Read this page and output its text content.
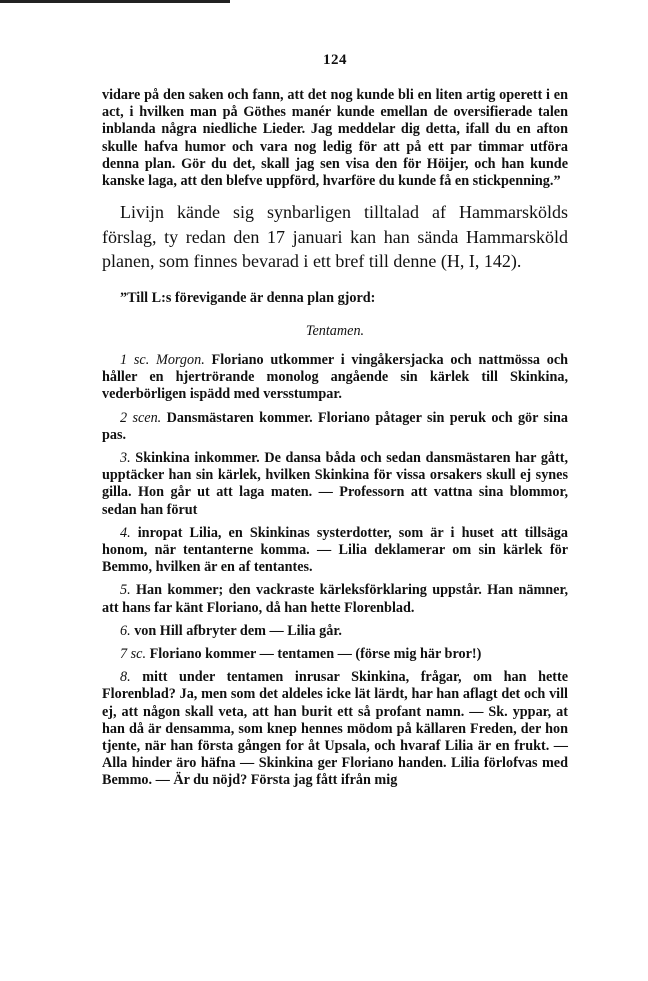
124

vidare på den saken och fann, att det nog kunde bli en liten artig operett i en act, i hvilken man på Göthes manér kunde emellan de oversifierade talen inblanda några niedliche Lieder. Jag meddelar dig detta, ifall du en afton skulle hafva humor och vara nog ledig för att på ett par timmar utföra denna plan. Gör du det, skall jag sen visa den för Höijer, och han kunde kanske laga, att den blefve uppförd, hvarföre du kunde få en stickpenning.”

Livijn kände sig synbarligen tilltalad af Hammarskölds förslag, ty redan den 17 januari kan han sända Hammarsköld planen, som finnes bevarad i ett bref till denne (H, I, 142).

”Till L:s förevigande är denna plan gjord:

Tentamen.

1 sc. Morgon. Floriano utkommer i vingåkersjacka och nattmössa och håller en hjertrörande monolog angående sin kärlek till Skinkina, vederbörligen ispädd med versstumpar.

2 scen. Dansmästaren kommer. Floriano påtager sin peruk och gör sina pas.

3. Skinkina inkommer. De dansa båda och sedan dansmästaren har gått, upptäcker han sin kärlek, hvilken Skinkina för vissa orsakers skull ej synes gilla. Hon går ut att laga maten. — Professorn att vattna sina blommor, sedan han förut

4. inropat Lilia, en Skinkinas systerdotter, som är i huset att tillsäga honom, när tentanterne komma. — Lilia deklamerar om sin kärlek för Bemmo, hvilken är en af tentantes.

5. Han kommer; den vackraste kärleksförklaring uppstår. Han nämner, att hans far känt Floriano, då han hette Florenblad.

6. von Hill afbryter dem — Lilia går.

7 sc. Floriano kommer — tentamen — (förse mig här bror!)

8. mitt under tentamen inrusar Skinkina, frågar, om han hette Florenblad? Ja, men som det aldeles icke lät lärdt, har han aflagt det och vill ej, att någon skall veta, att han burit ett så profant namn. — Sk. yppar, at han då är densamma, som knep hennes mödom på källaren Freden, der hon tjente, när han första gången for åt Upsala, och hvaraf Lilia är en frukt. — Alla hinder äro häfna — Skinkina ger Floriano handen. Lilia förlofvas med Bemmo. — Är du nöjd? Första jag fått ifrån mig
